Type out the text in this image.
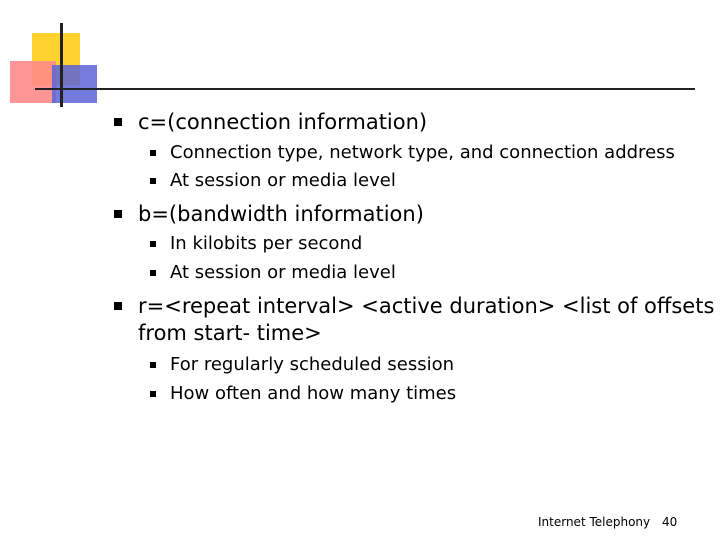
c=(connection information)
Connection type, network type, and connection address
At session or media level
b=(bandwidth information)
In kilobits per second
At session or media level
r=<repeat interval> <active duration> <list of offsets
from start- time>
For regularly scheduled session
How often and how many times
Internet Telephony 40
